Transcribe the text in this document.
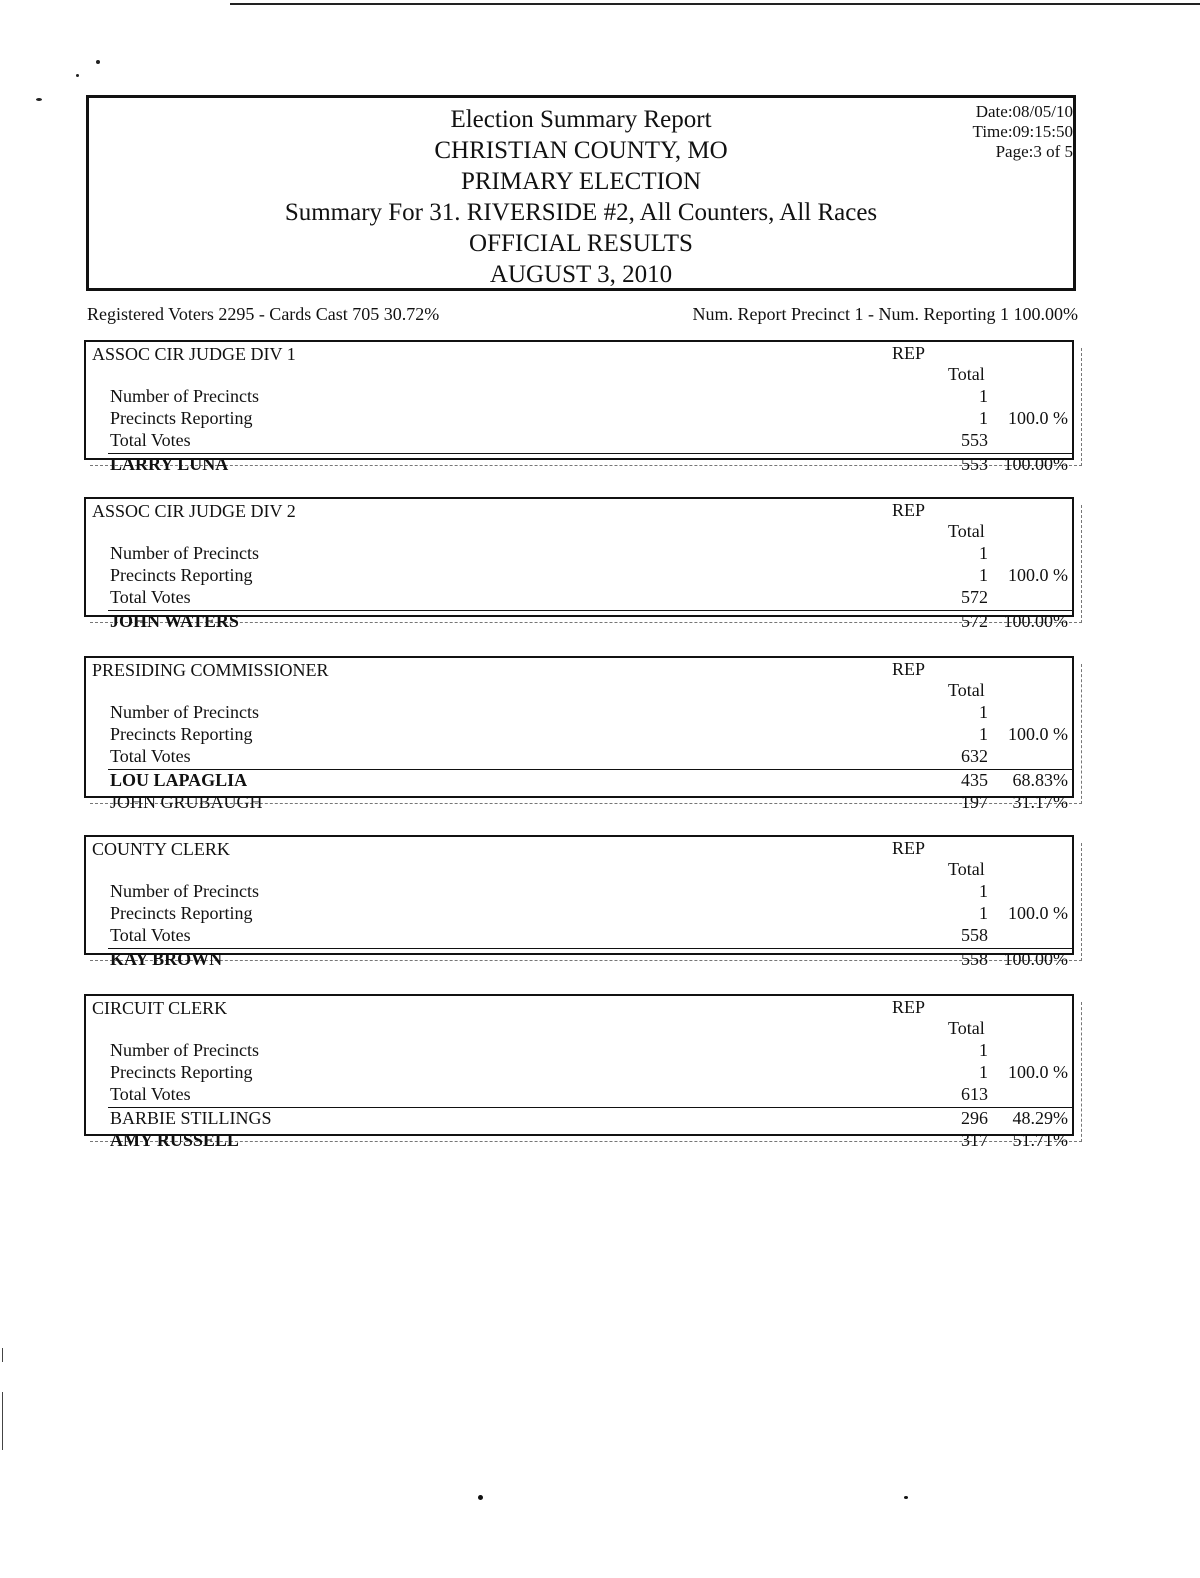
Election Summary Report
CHRISTIAN COUNTY, MO
PRIMARY ELECTION
Summary For 31. RIVERSIDE #2, All Counters, All Races
OFFICIAL RESULTS
AUGUST 3, 2010
Date:08/05/10
Time:09:15:50
Page:3 of 5
Registered Voters 2295 - Cards Cast 705 30.72%	Num. Report Precinct 1 - Num. Reporting 1 100.00%
ASSOC CIR JUDGE DIV 1	REP
Total
Number of Precincts	1
Precincts Reporting	1 100.0 %
Total Votes	553
LARRY LUNA	553 100.00%
ASSOC CIR JUDGE DIV 2	REP
Total
Number of Precincts	1
Precincts Reporting	1 100.0 %
Total Votes	572
JOHN WATERS	572 100.00%
PRESIDING COMMISSIONER	REP
Total
Number of Precincts	1
Precincts Reporting	1 100.0 %
Total Votes	632
LOU LAPAGLIA	435 68.83%
JOHN GRUBAUGH	197 31.17%
COUNTY CLERK	REP
Total
Number of Precincts	1
Precincts Reporting	1 100.0 %
Total Votes	558
KAY BROWN	558 100.00%
CIRCUIT CLERK	REP
Total
Number of Precincts	1
Precincts Reporting	1 100.0 %
Total Votes	613
BARBIE STILLINGS	296 48.29%
AMY RUSSELL	317 51.71%
